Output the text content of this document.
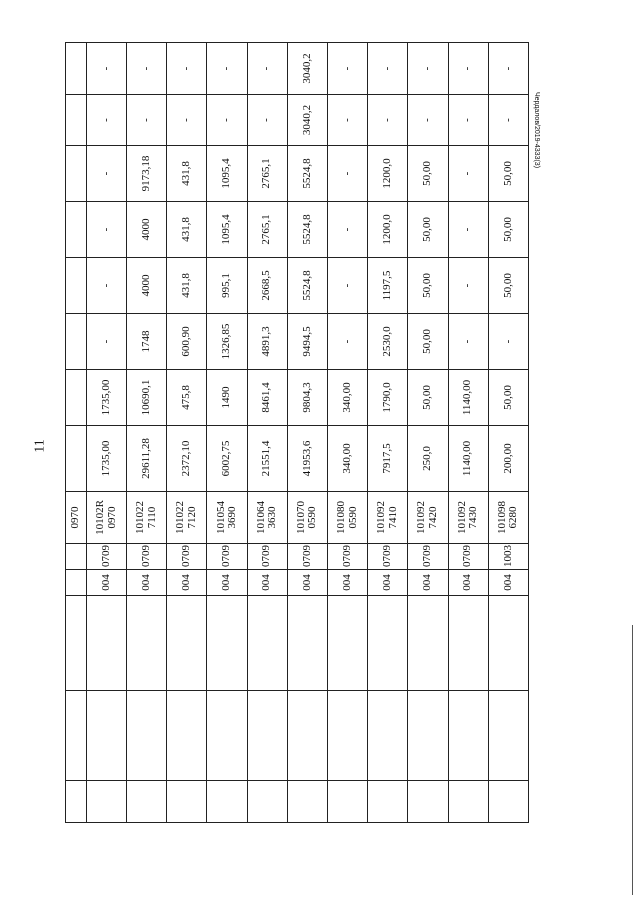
11
Чердалов/2019-4333(3)
					0970								
			004	0709	10102R 0970	1735,00	1735,00	-	-	-	-	-	-
			004	0709	101022 7110	29611,28	10690,1	1748	4000	4000	9173,18	-	-
			004	0709	101022 7120	2372,10	475,8	600,90	431,8	431,8	431,8	-	-
			004	0709	101054 3690	6002,75	1490	1326,85	995,1	1095,4	1095,4	-	-
			004	0709	101064 3630	21551,4	8461,4	4891,3	2668,5	2765,1	2765,1	-	-
			004	0709	101070 0590	41953,6	9804,3	9494,5	5524,8	5524,8	5524,8	3040,2	3040,2
			004	0709	101080 0590	340,00	340,00	-	-	-	-	-	-
			004	0709	101092 7410	7917,5	1790,0	2530,0	1197,5	1200,0	1200,0	-	-
			004	0709	101092 7420	250,0	50,00	50,00	50,00	50,00	50,00	-	-
			004	0709	101092 7430	1140,00	1140,00	-	-	-	-	-	-
			004	1003	101098 6280	200,00	50,00	-	50,00	50,00	50,00	-	-
